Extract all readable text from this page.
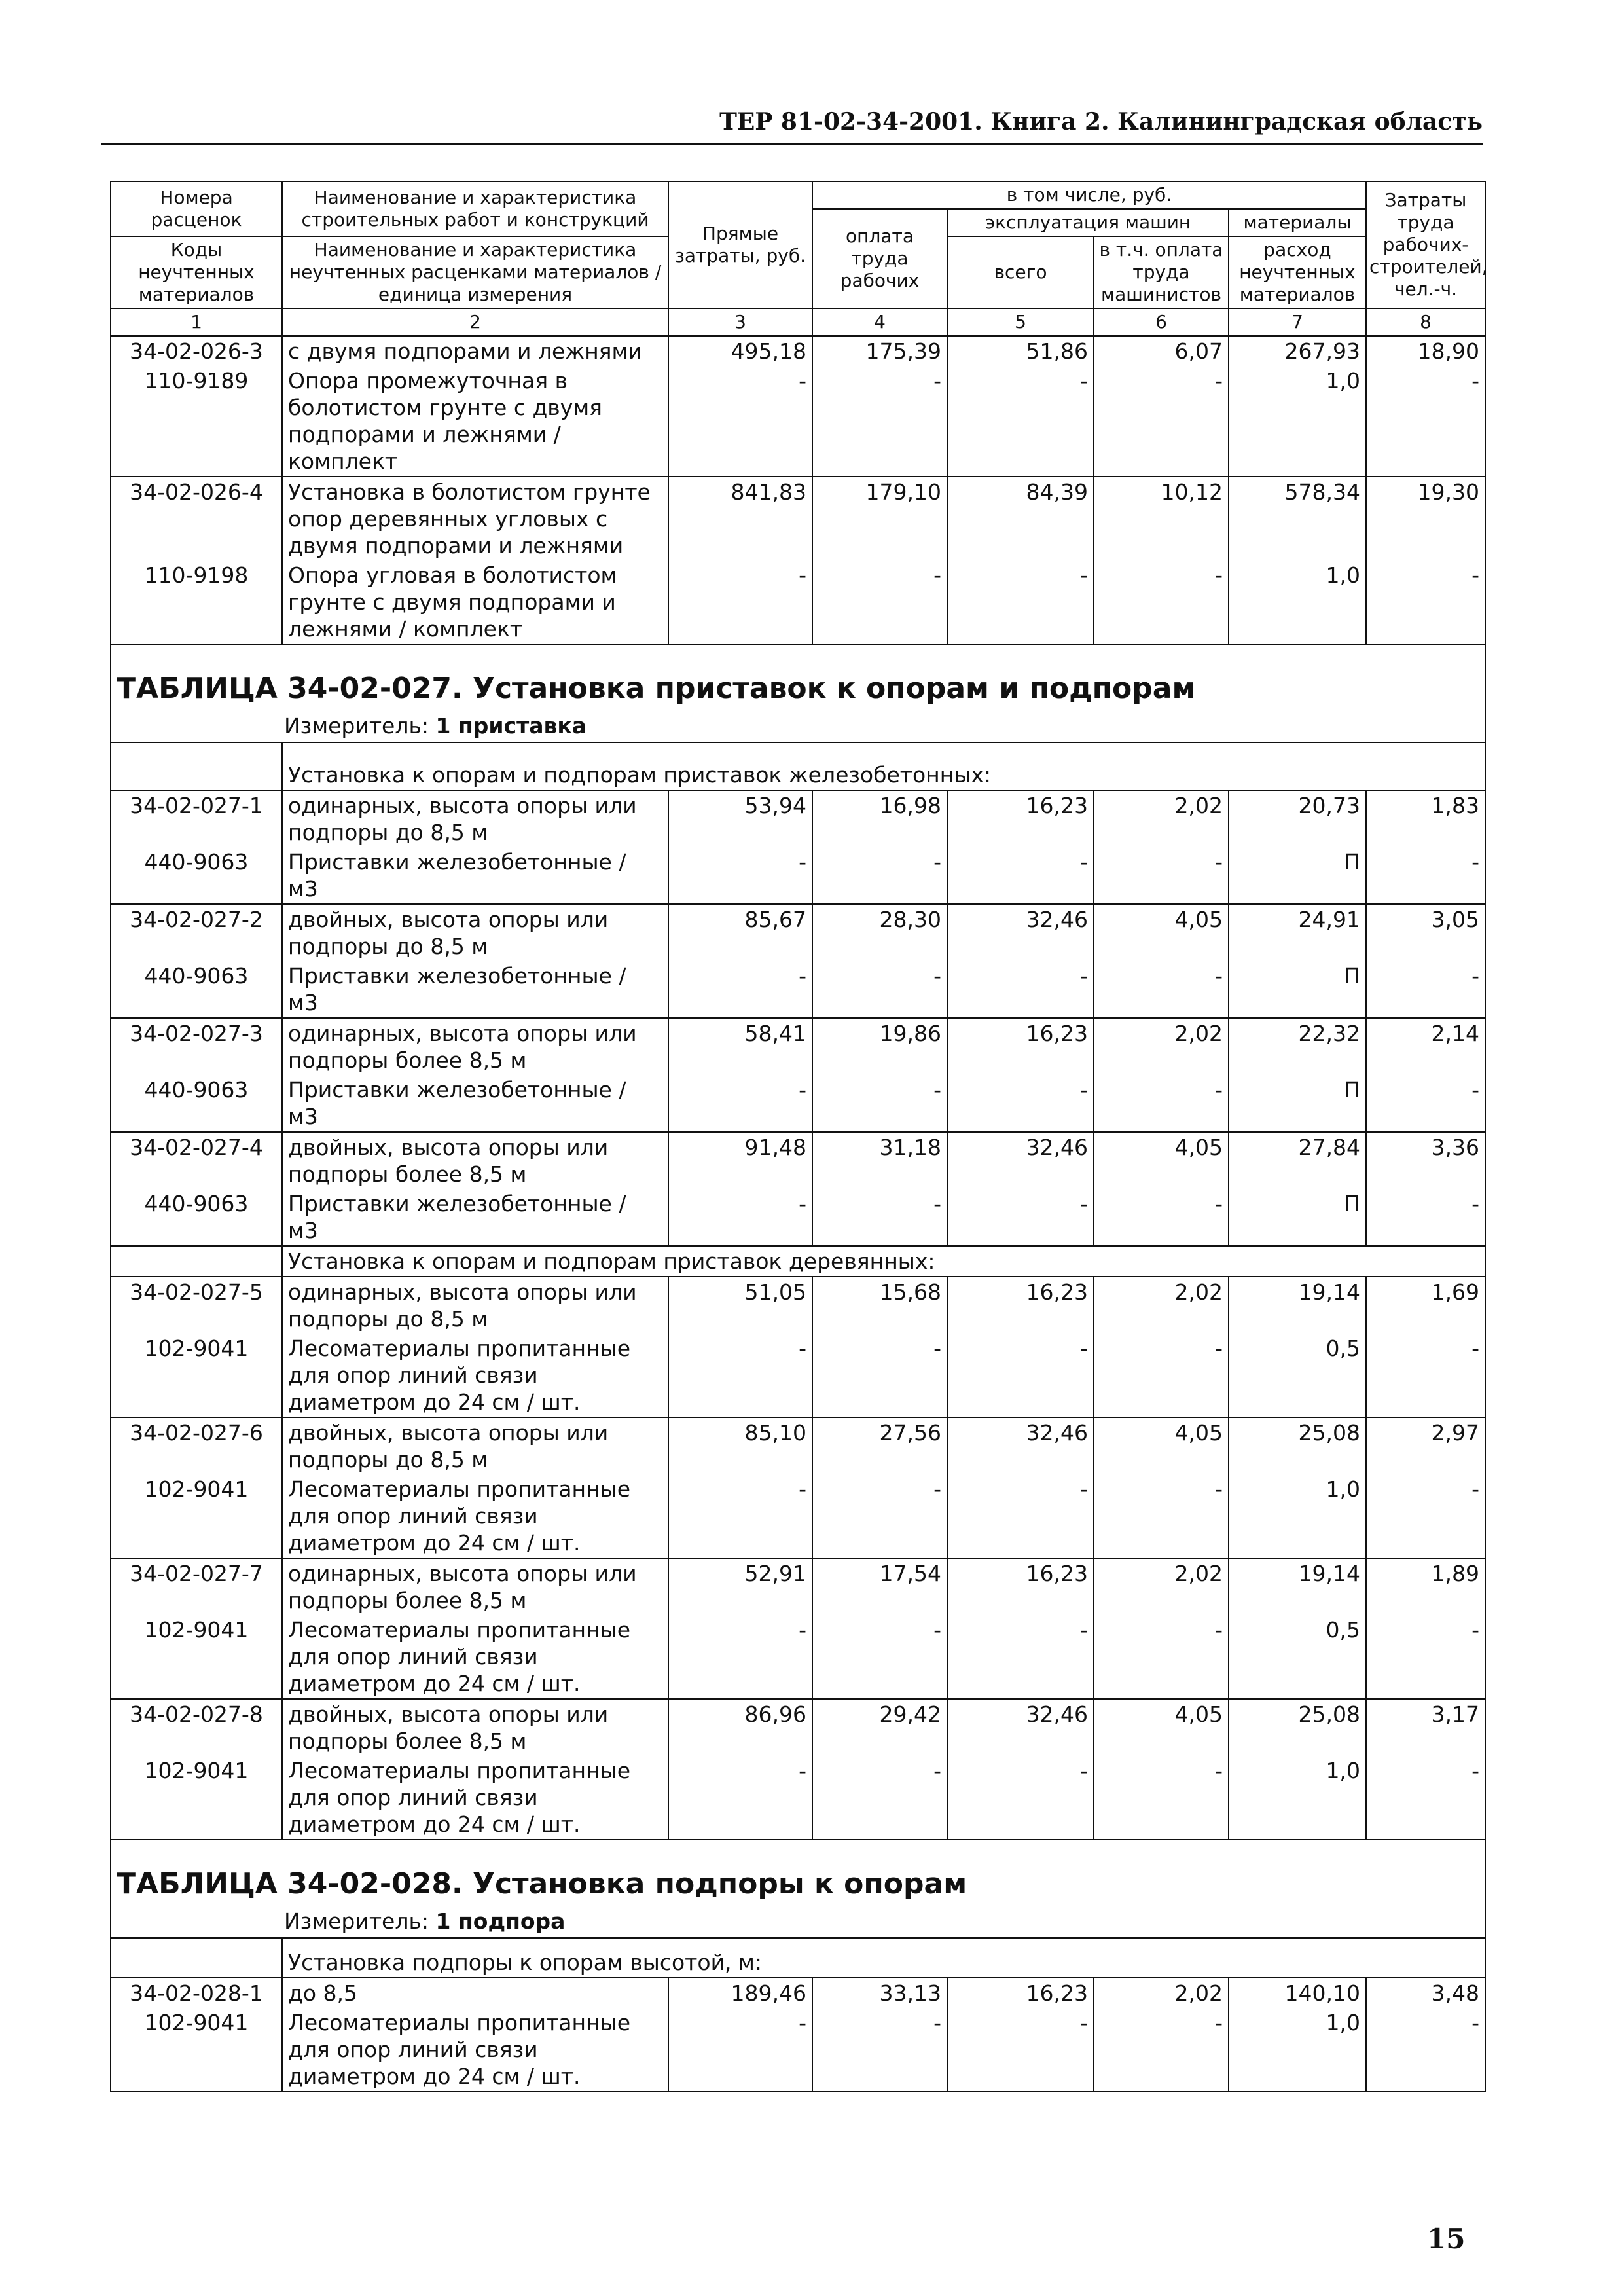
ТЕР 81-02-34-2001. Книга 2. Калининградская область
Номера расценок	Наименование и характеристика строительных работ и конструкций	Прямые затраты, руб.	в том числе, руб.				Затраты труда рабочих-строителей, чел.-ч.
			оплата труда рабочих	эксплуатация машин		материалы	
Коды неучтенных материалов	Наименование и характеристика неучтенных расценками материалов / единица измерения			всего	в т.ч. оплата труда машинистов	расход неучтенных материалов	

1	2	3	4	5	6	7	8
34-02-026-3	с двумя подпорами и лежнями	495,18	175,39	51,86	6,07	267,93	18,90
110-9189	Опора промежуточная в болотистом грунте с двумя подпорами и лежнями / комплект	-	-	-	-	1,0	-
34-02-026-4	Установка в болотистом грунте опор деревянных угловых с двумя подпорами и лежнями	841,83	179,10	84,39	10,12	578,34	19,30
110-9198	Опора угловая в болотистом грунте с двумя подпорами и лежнями / комплект	-	-	-	-	1,0	-

ТАБЛИЦА 34-02-027. Установка приставок к опорам и подпорам
Измеритель: 1 приставка							

	Установка к опорам и подпорам приставок железобетонных:						
34-02-027-1	одинарных, высота опоры или подпоры до 8,5 м	53,94	16,98	16,23	2,02	20,73	1,83
440-9063	Приставки железобетонные / м3	-	-	-	-	П	-
34-02-027-2	двойных, высота опоры или подпоры до 8,5 м	85,67	28,30	32,46	4,05	24,91	3,05
440-9063	Приставки железобетонные / м3	-	-	-	-	П	-
34-02-027-3	одинарных, высота опоры или подпоры более 8,5 м	58,41	19,86	16,23	2,02	22,32	2,14
440-9063	Приставки железобетонные / м3	-	-	-	-	П	-
34-02-027-4	двойных, высота опоры или подпоры более 8,5 м	91,48	31,18	32,46	4,05	27,84	3,36
440-9063	Приставки железобетонные / м3	-	-	-	-	П	-
	Установка к опорам и подпорам приставок деревянных:						
34-02-027-5	одинарных, высота опоры или подпоры до 8,5 м	51,05	15,68	16,23	2,02	19,14	1,69
102-9041	Лесоматериалы пропитанные для опор линий связи диаметром до 24 см / шт.	-	-	-	-	0,5	-
34-02-027-6	двойных, высота опоры или подпоры до 8,5 м	85,10	27,56	32,46	4,05	25,08	2,97
102-9041	Лесоматериалы пропитанные для опор линий связи диаметром до 24 см / шт.	-	-	-	-	1,0	-
34-02-027-7	одинарных, высота опоры или подпоры более 8,5 м	52,91	17,54	16,23	2,02	19,14	1,89
102-9041	Лесоматериалы пропитанные для опор линий связи диаметром до 24 см / шт.	-	-	-	-	0,5	-
34-02-027-8	двойных, высота опоры или подпоры более 8,5 м	86,96	29,42	32,46	4,05	25,08	3,17
102-9041	Лесоматериалы пропитанные для опор линий связи диаметром до 24 см / шт.	-	-	-	-	1,0	-

ТАБЛИЦА 34-02-028. Установка подпоры к опорам
Измеритель: 1 подпора							

	Установка подпоры к опорам высотой, м:						
34-02-028-1	до 8,5	189,46	33,13	16,23	2,02	140,10	3,48
102-9041	Лесоматериалы пропитанные для опор линий связи диаметром до 24 см / шт.	-	-	-	-	1,0	-
15
